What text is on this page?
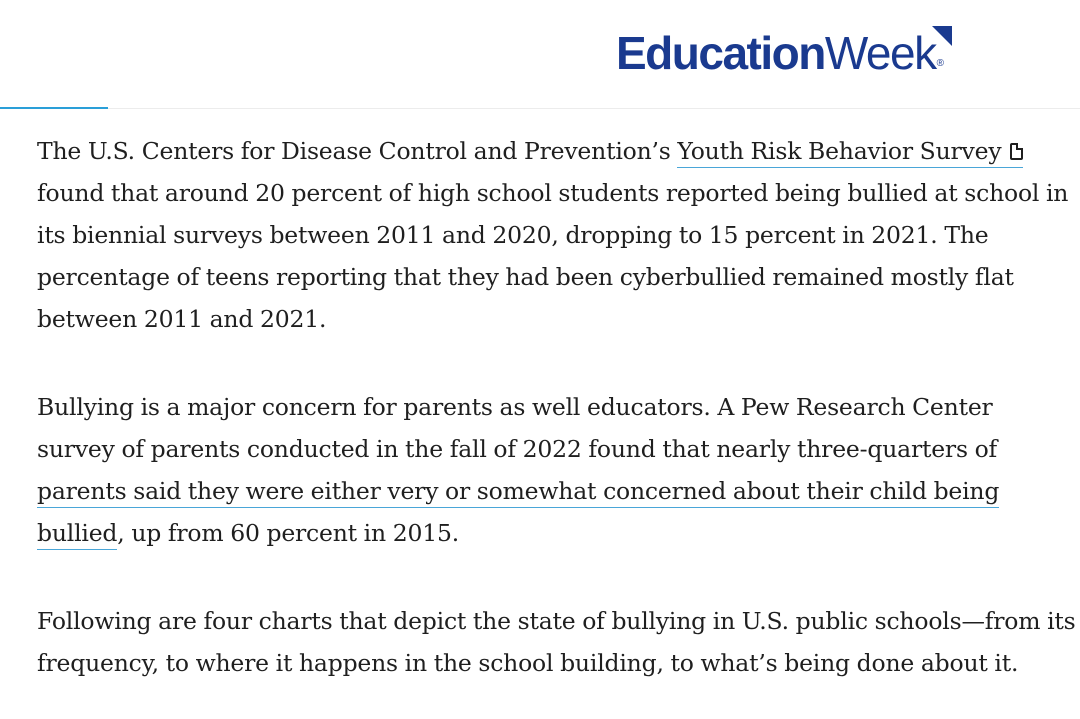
Education Week ®

The U.S. Centers for Disease Control and Prevention’s Youth Risk Behavior Survey found that around 20 percent of high school students reported being bullied at school in its biennial surveys between 2011 and 2020, dropping to 15 percent in 2021. The percentage of teens reporting that they had been cyberbullied remained mostly flat between 2011 and 2021.

Bullying is a major concern for parents as well educators. A Pew Research Center survey of parents conducted in the fall of 2022 found that nearly three-quarters of parents said they were either very or somewhat concerned about their child being bullied, up from 60 percent in 2015.

Following are four charts that depict the state of bullying in U.S. public schools—from its frequency, to where it happens in the school building, to what’s being done about it.
